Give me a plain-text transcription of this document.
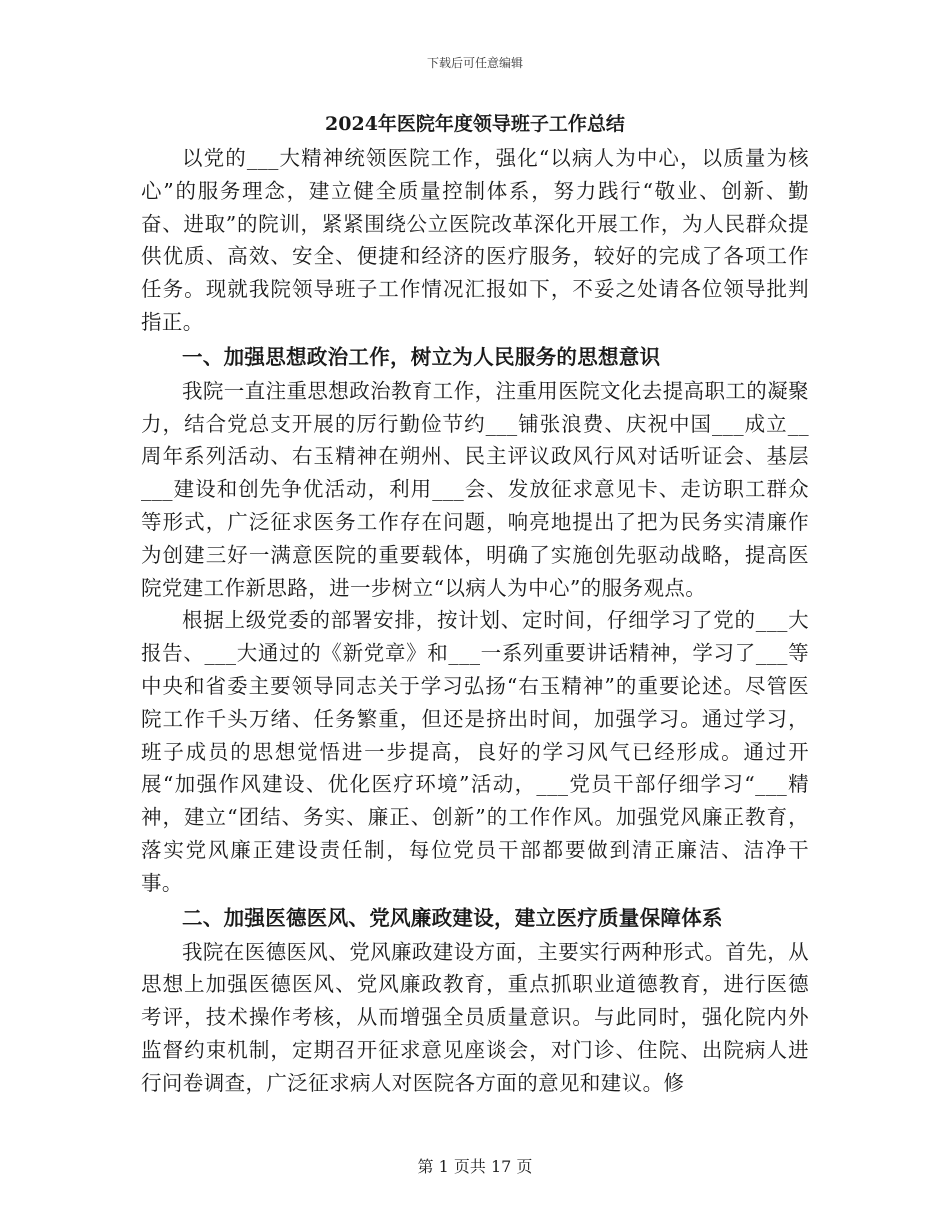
下载后可任意编辑
2024年医院年度领导班子工作总结

以党的___大精神统领医院工作，强化“以病人为中心，以质量为核心”的服务理念，建立健全质量控制体系，努力践行“敬业、创新、勤奋、进取”的院训，紧紧围绕公立医院改革深化开展工作，为人民群众提供优质、高效、安全、便捷和经济的医疗服务，较好的完成了各项工作任务。现就我院领导班子工作情况汇报如下，不妥之处请各位领导批判指正。

一、加强思想政治工作，树立为人民服务的思想意识

我院一直注重思想政治教育工作，注重用医院文化去提高职工的凝聚力，结合党总支开展的厉行勤俭节约___铺张浪费、庆祝中国___成立__周年系列活动、右玉精神在朔州、民主评议政风行风对话听证会、基层___建设和创先争优活动，利用___会、发放征求意见卡、走访职工群众等形式，广泛征求医务工作存在问题，响亮地提出了把为民务实清廉作为创建三好一满意医院的重要载体，明确了实施创先驱动战略，提高医院党建工作新思路，进一步树立“以病人为中心”的服务观点。

根据上级党委的部署安排，按计划、定时间，仔细学习了党的___大报告、___大通过的《新党章》和___一系列重要讲话精神，学习了___等中央和省委主要领导同志关于学习弘扬“右玉精神”的重要论述。尽管医院工作千头万绪、任务繁重，但还是挤出时间，加强学习。通过学习，班子成员的思想觉悟进一步提高，良好的学习风气已经形成。通过开展“加强作风建设、优化医疗环境”活动，___党员干部仔细学习“___精神，建立“团结、务实、廉正、创新”的工作作风。加强党风廉正教育，落实党风廉正建设责任制，每位党员干部都要做到清正廉洁、洁净干事。

二、加强医德医风、党风廉政建设，建立医疗质量保障体系

我院在医德医风、党风廉政建设方面，主要实行两种形式。首先，从思想上加强医德医风、党风廉政教育，重点抓职业道德教育，进行医德考评，技术操作考核，从而增强全员质量意识。与此同时，强化院内外监督约束机制，定期召开征求意见座谈会，对门诊、住院、出院病人进行问卷调查，广泛征求病人对医院各方面的意见和建议。修

第 1 页共 17 页
